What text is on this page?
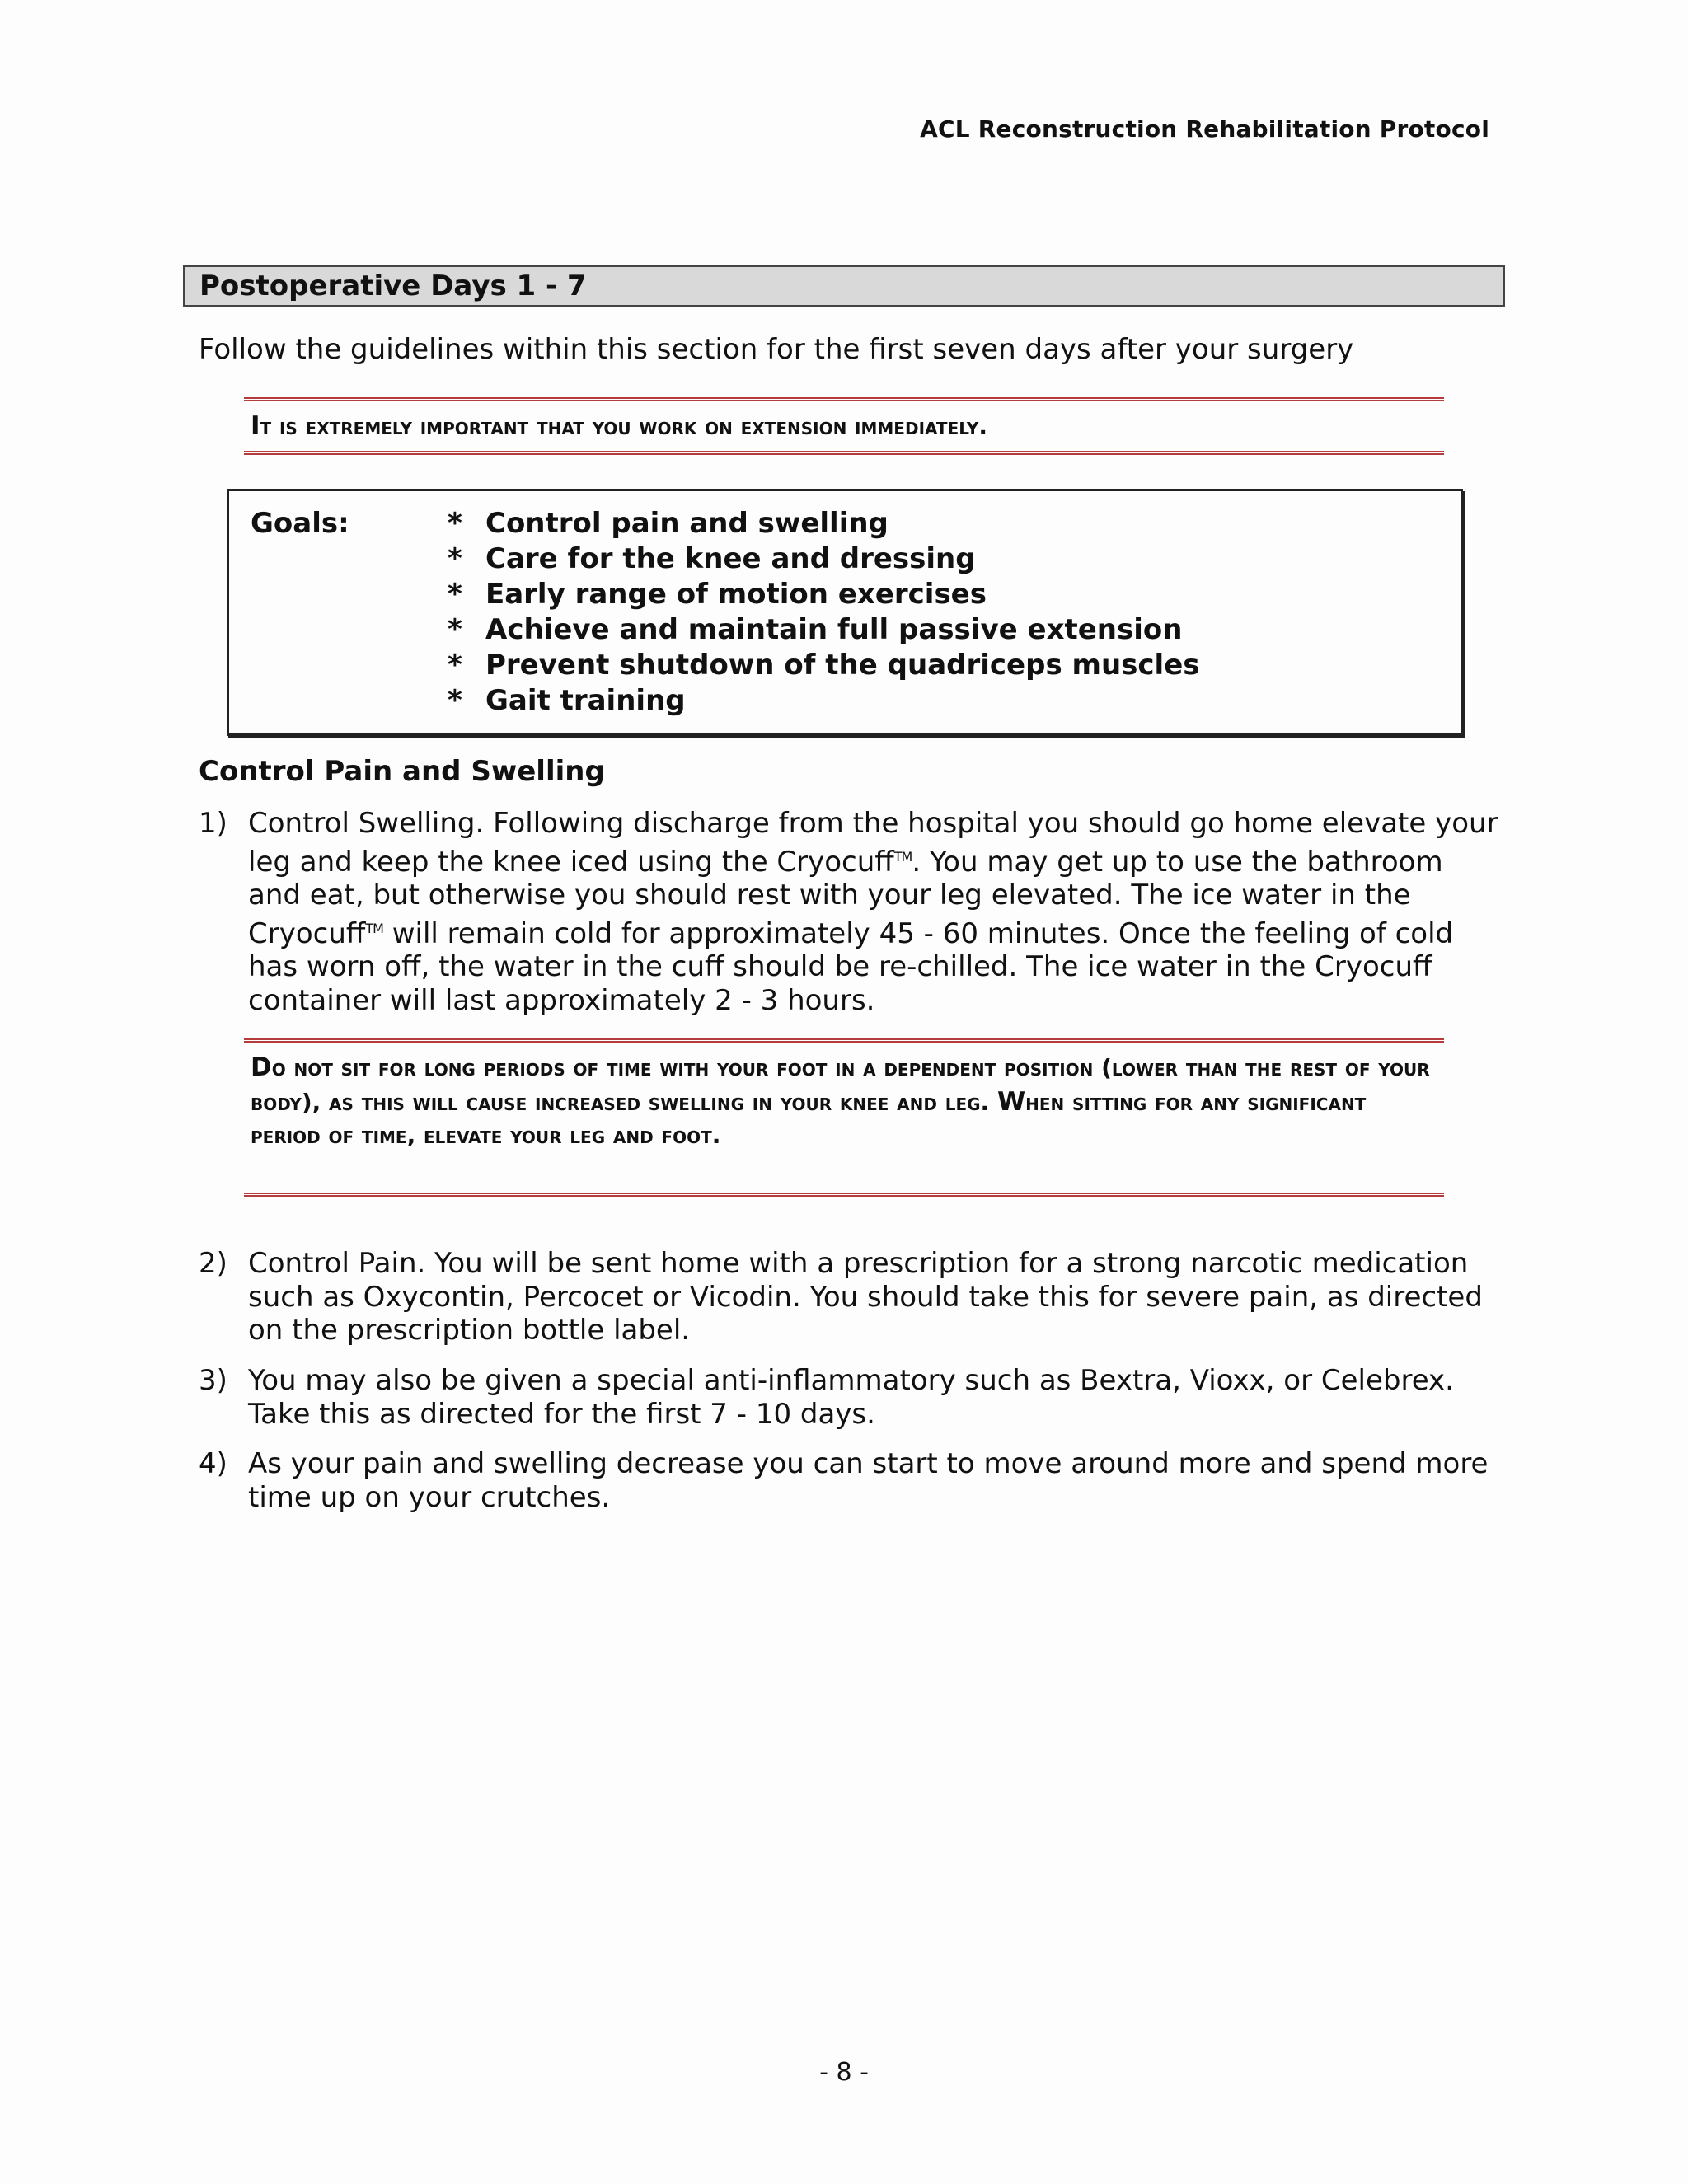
ACL Reconstruction Rehabilitation Protocol
Postoperative Days 1 - 7
Follow the guidelines within this section for the first seven days after your surgery
It is extremely important that you work on extension immediately.
Goals:	* Control pain and swelling
* Care for the knee and dressing
* Early range of motion exercises
* Achieve and maintain full passive extension
* Prevent shutdown of the quadriceps muscles
* Gait training
Control Pain and Swelling
1) Control Swelling. Following discharge from the hospital you should go home elevate your leg and keep the knee iced using the Cryocuff™. You may get up to use the bathroom and eat, but otherwise you should rest with your leg elevated. The ice water in the Cryocuff™ will remain cold for approximately 45 - 60 minutes. Once the feeling of cold has worn off, the water in the cuff should be re-chilled. The ice water in the Cryocuff container will last approximately 2 - 3 hours.
Do not sit for long periods of time with your foot in a dependent position (lower than the rest of your body), as this will cause increased swelling in your knee and leg. When sitting for any significant period of time, elevate your leg and foot.
2) Control Pain. You will be sent home with a prescription for a strong narcotic medication such as Oxycontin, Percocet or Vicodin. You should take this for severe pain, as directed on the prescription bottle label.
3) You may also be given a special anti-inflammatory such as Bextra, Vioxx, or Celebrex. Take this as directed for the first 7 - 10 days.
4) As your pain and swelling decrease you can start to move around more and spend more time up on your crutches.
- 8 -
